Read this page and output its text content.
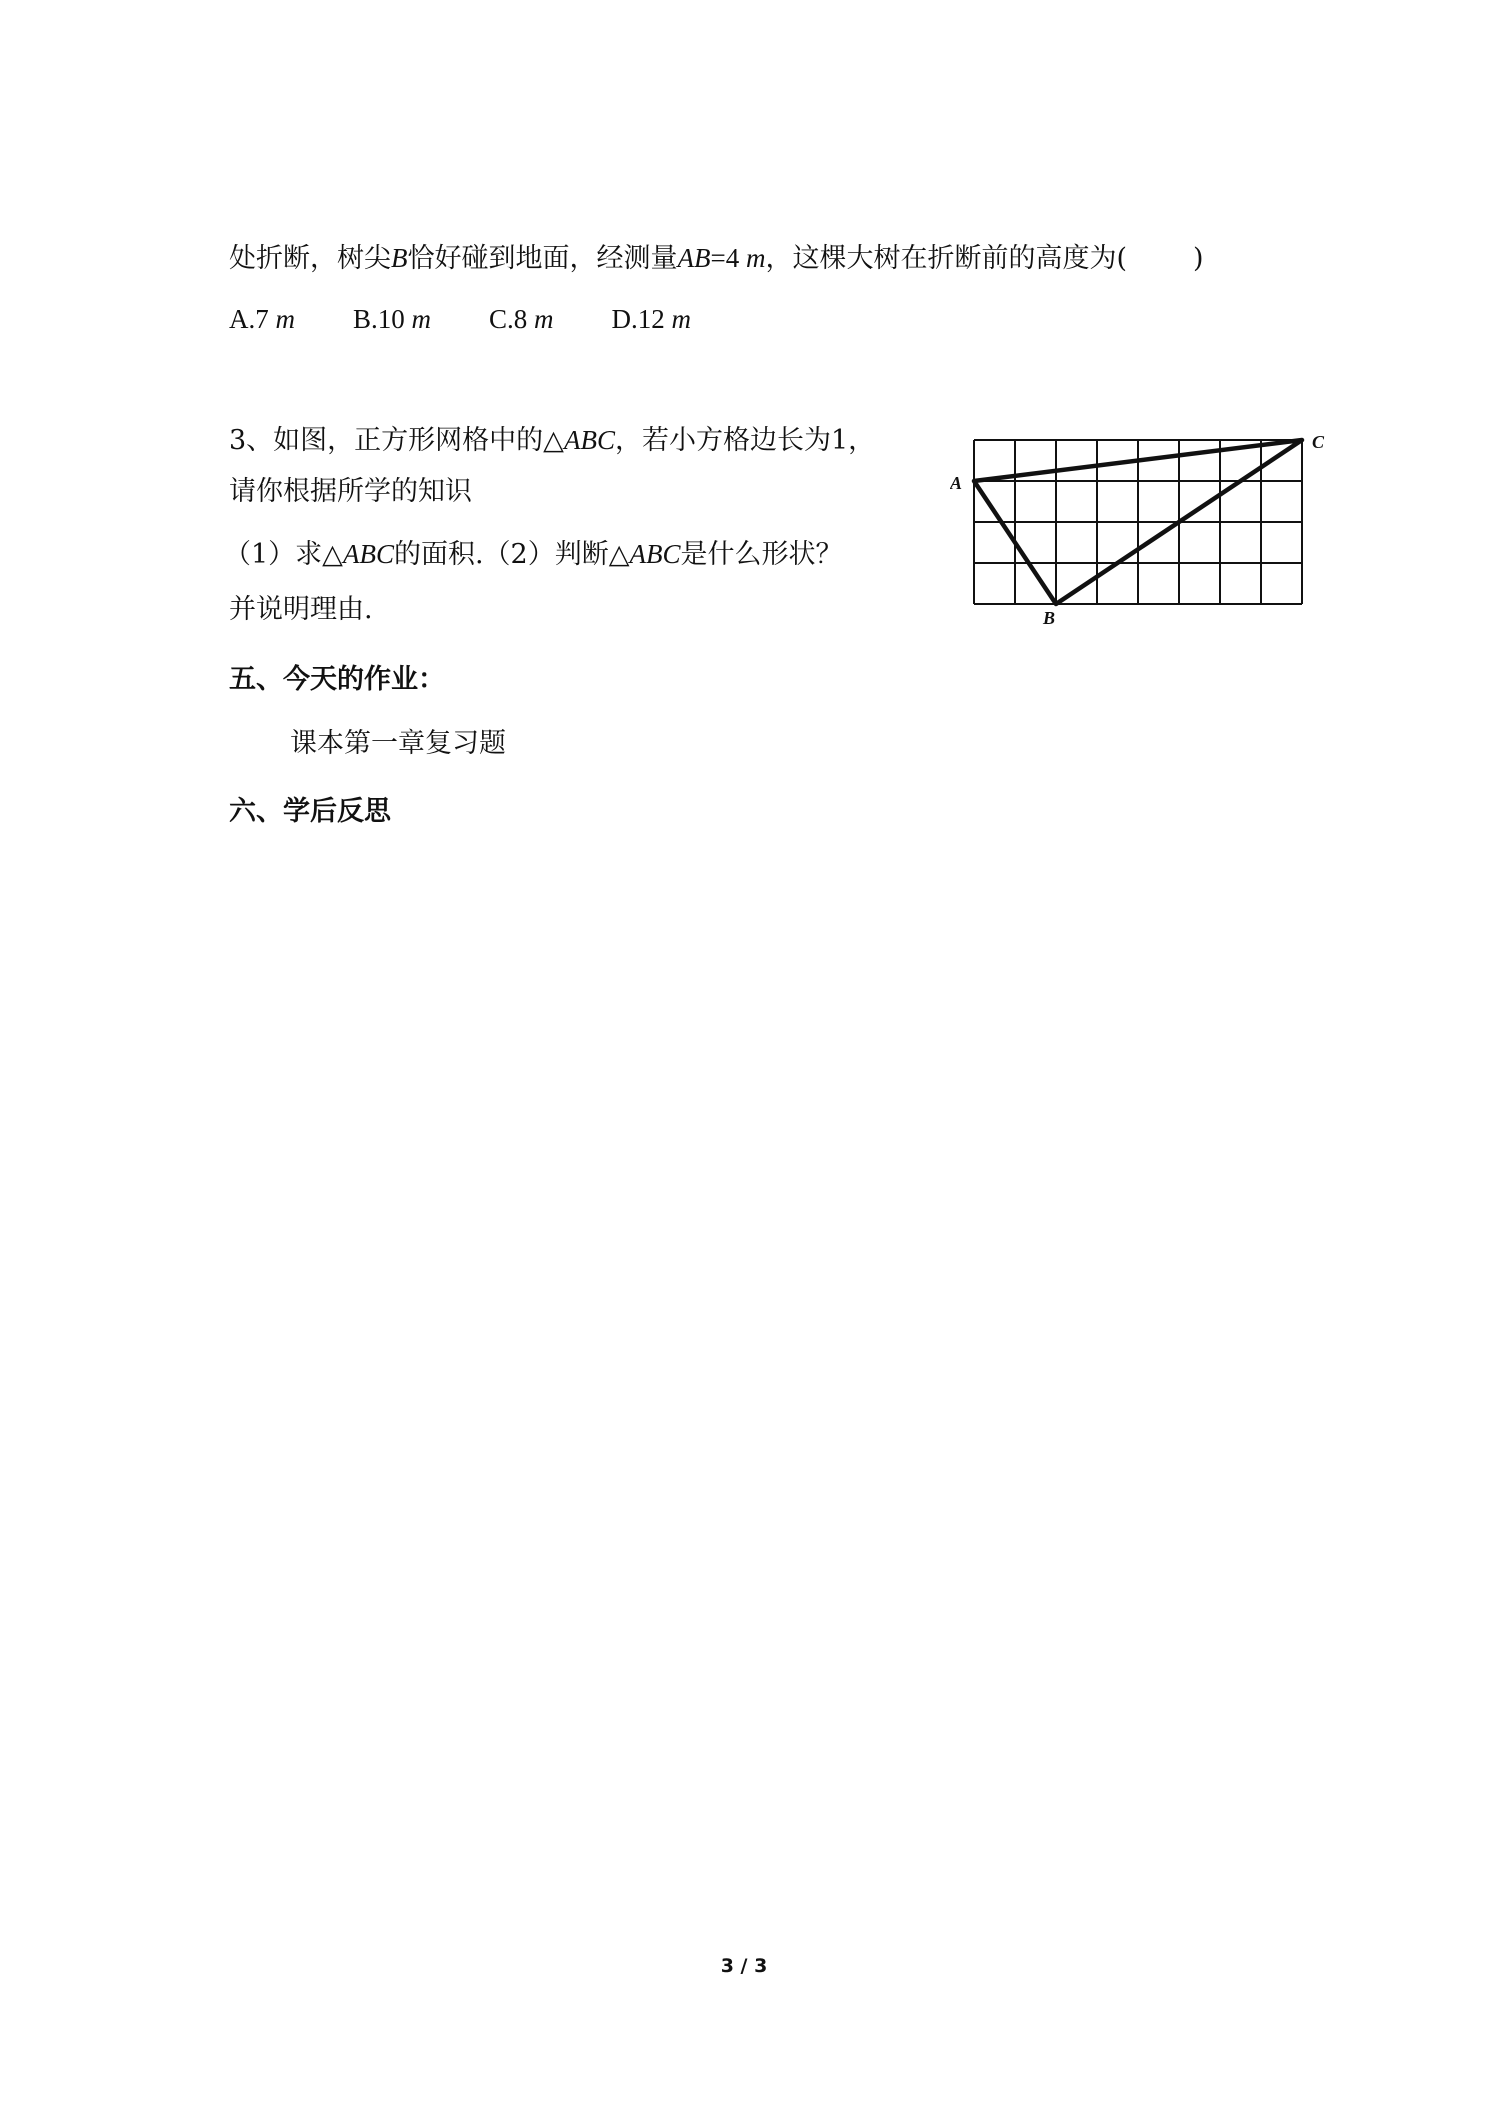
处折断，树尖B恰好碰到地面，经测量AB=4 m，这棵大树在折断前的高度为( )
A.7 m B.10 m C.8 m D.12 m
3、如图，正方形网格中的△ABC，若小方格边长为1，
请你根据所学的知识
（1）求△ABC的面积.（2）判断△ABC是什么形状？
并说明理由.
A
B
C
五、今天的作业：
课本第一章复习题
六、学后反思
3 / 3
